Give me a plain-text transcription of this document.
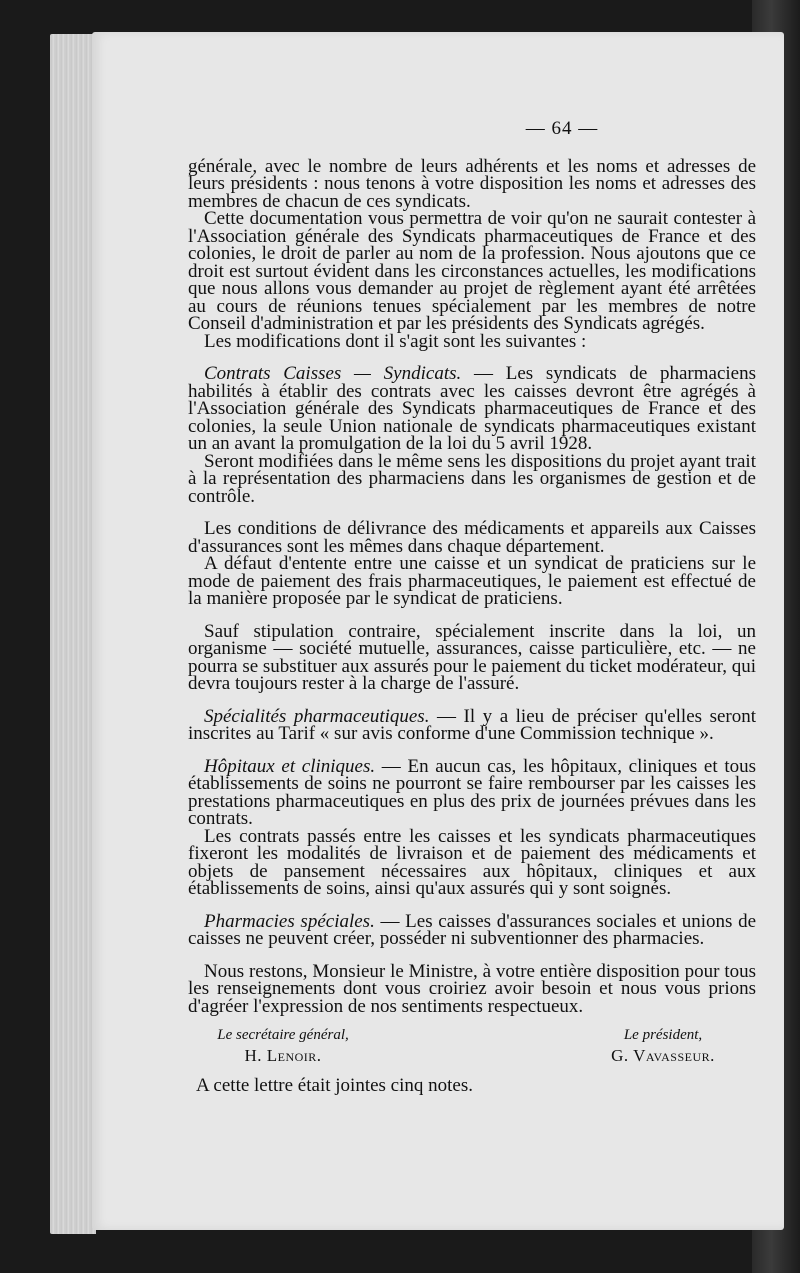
— 64 —

générale, avec le nombre de leurs adhérents et les noms et adresses de leurs présidents : nous tenons à votre disposition les noms et adresses des membres de chacun de ces syndicats.

Cette documentation vous permettra de voir qu'on ne saurait contester à l'Association générale des Syndicats pharmaceutiques de France et des colonies, le droit de parler au nom de la profession. Nous ajoutons que ce droit est surtout évident dans les circonstances actuelles, les modifications que nous allons vous demander au projet de règlement ayant été arrêtées au cours de réunions tenues spécialement par les membres de notre Conseil d'administration et par les présidents des Syndicats agrégés.

Les modifications dont il s'agit sont les suivantes :

Contrats Caisses — Syndicats. — Les syndicats de pharmaciens habilités à établir des contrats avec les caisses devront être agrégés à l'Association générale des Syndicats pharmaceutiques de France et des colonies, la seule Union nationale de syndicats pharmaceutiques existant un an avant la promulgation de la loi du 5 avril 1928.

Seront modifiées dans le même sens les dispositions du projet ayant trait à la représentation des pharmaciens dans les organismes de gestion et de contrôle.

Les conditions de délivrance des médicaments et appareils aux Caisses d'assurances sont les mêmes dans chaque département.

A défaut d'entente entre une caisse et un syndicat de praticiens sur le mode de paiement des frais pharmaceutiques, le paiement est effectué de la manière proposée par le syndicat de praticiens.

Sauf stipulation contraire, spécialement inscrite dans la loi, un organisme — société mutuelle, assurances, caisse particulière, etc. — ne pourra se substituer aux assurés pour le paiement du ticket modérateur, qui devra toujours rester à la charge de l'assuré.

Spécialités pharmaceutiques. — Il y a lieu de préciser qu'elles seront inscrites au Tarif « sur avis conforme d'une Commission technique ».

Hôpitaux et cliniques. — En aucun cas, les hôpitaux, cliniques et tous établissements de soins ne pourront se faire rembourser par les caisses les prestations pharmaceutiques en plus des prix de journées prévues dans les contrats.

Les contrats passés entre les caisses et les syndicats pharmaceutiques fixeront les modalités de livraison et de paiement des médicaments et objets de pansement nécessaires aux hôpitaux, cliniques et aux établissements de soins, ainsi qu'aux assurés qui y sont soignés.

Pharmacies spéciales. — Les caisses d'assurances sociales et unions de caisses ne peuvent créer, posséder ni subventionner des pharmacies.

Nous restons, Monsieur le Ministre, à votre entière disposition pour tous les renseignements dont vous croiriez avoir besoin et nous vous prions d'agréer l'expression de nos sentiments respectueux.

Le secrétaire général,
H. Lenoir.
Le président,
G. Vavasseur.

A cette lettre était jointes cinq notes.
